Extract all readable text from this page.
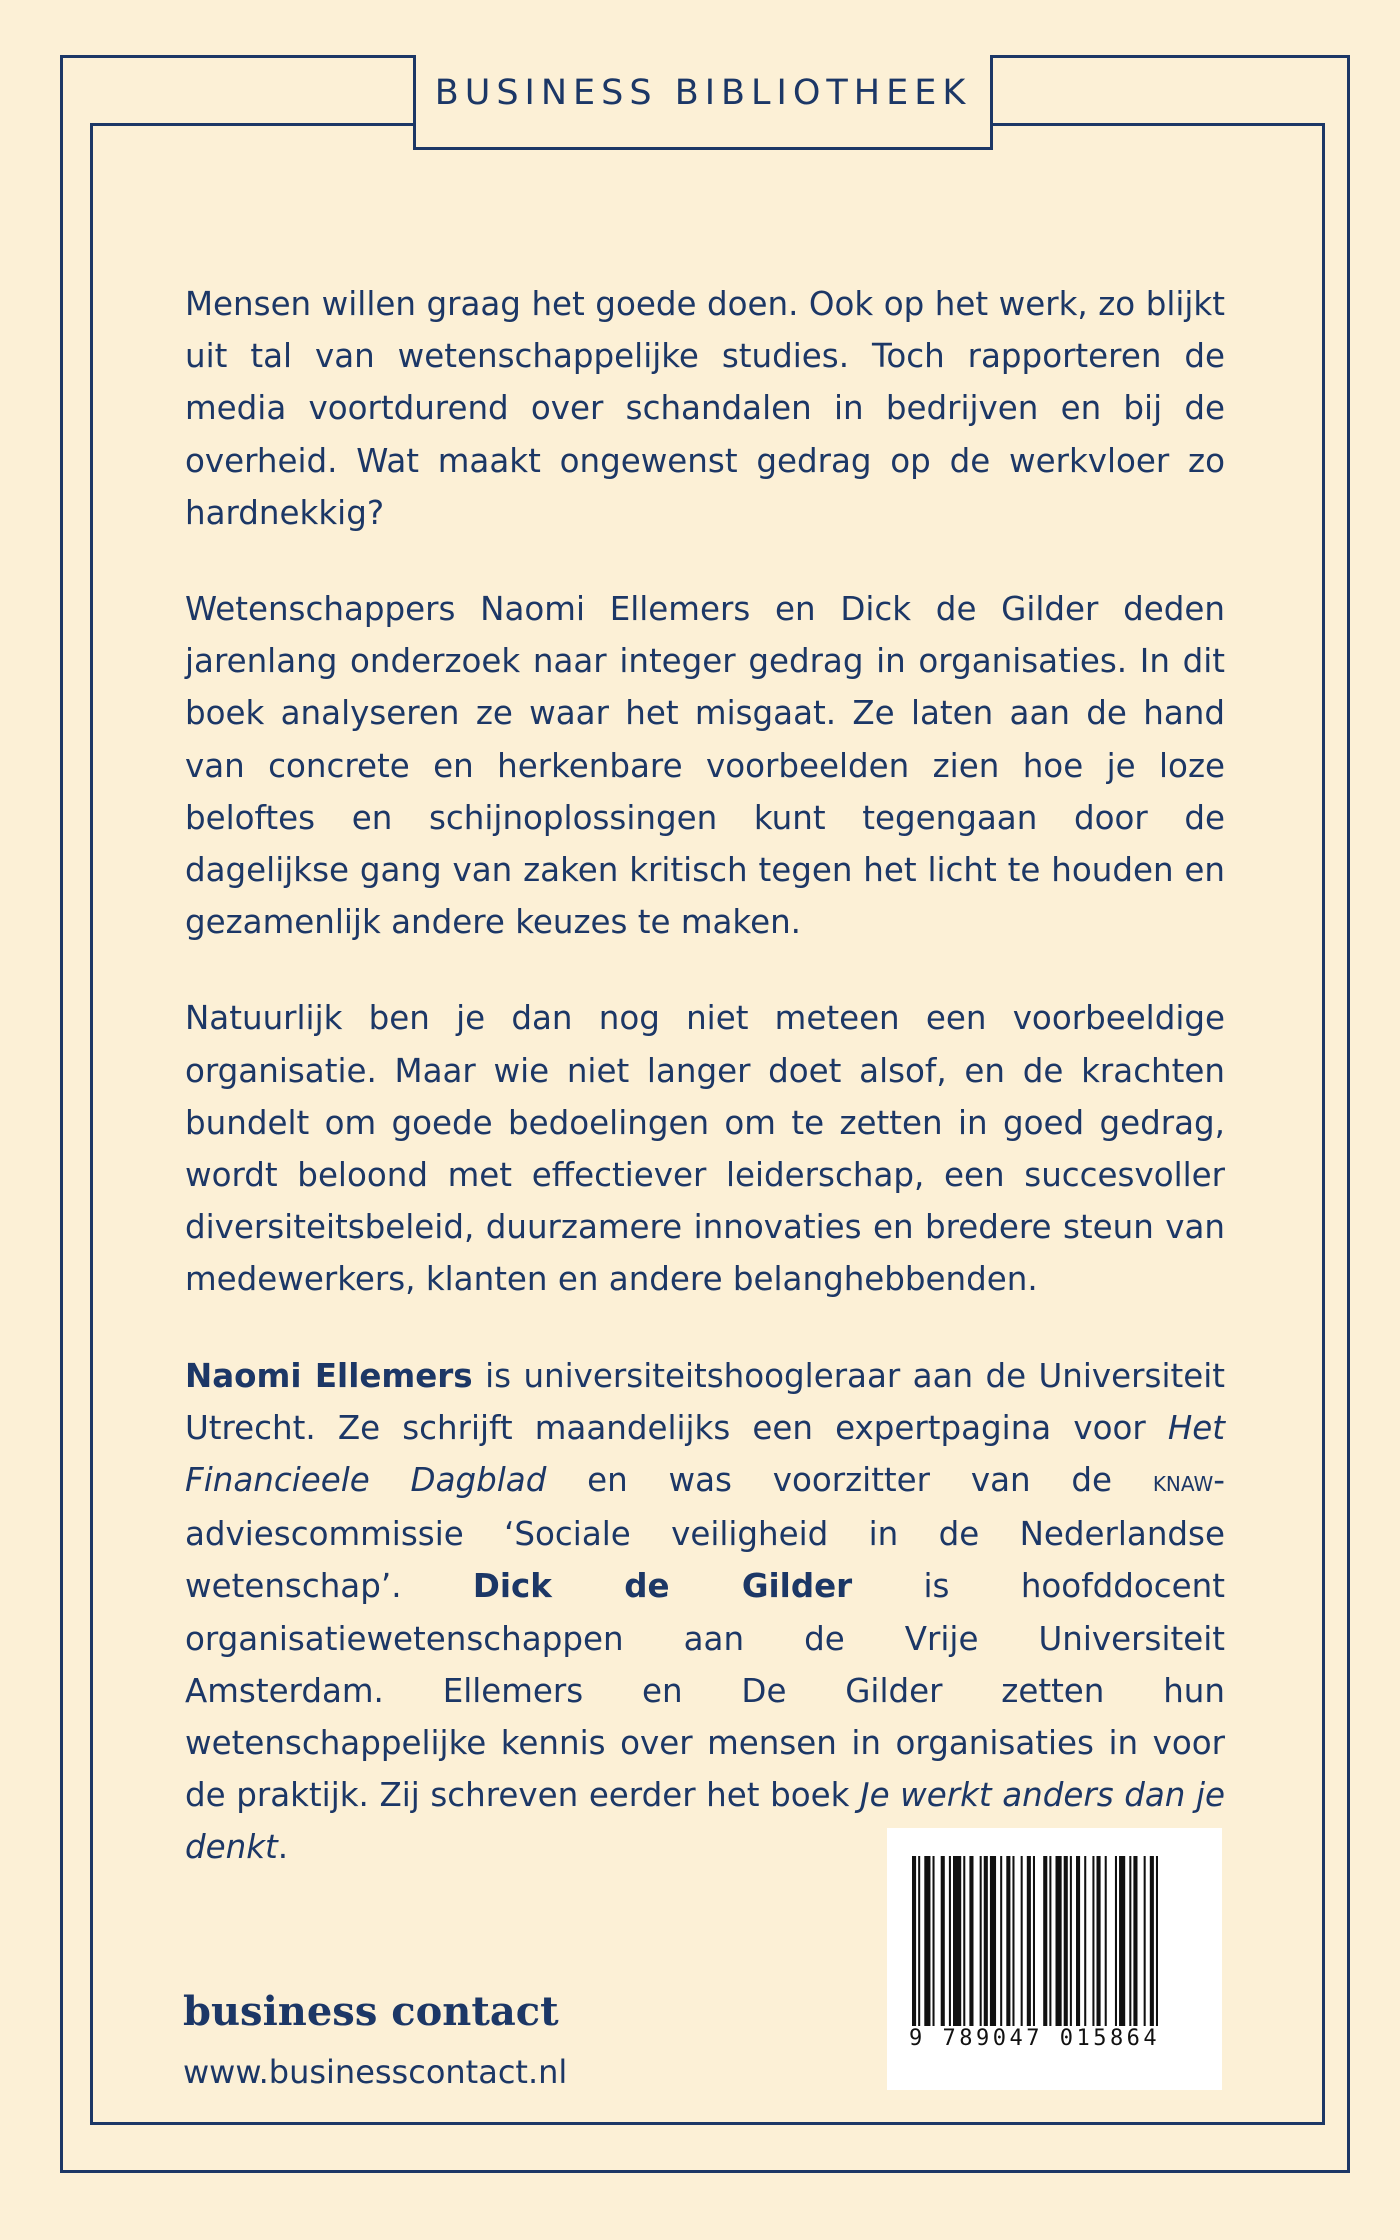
BUSINESS BIBLIOTHEEK

Mensen willen graag het goede doen. Ook op het werk, zo blijkt uit tal van wetenschappelijke studies. Toch rapporteren de media voortdurend over schandalen in bedrijven en bij de overheid. Wat maakt ongewenst gedrag op de werkvloer zo hardnekkig?

Wetenschappers Naomi Ellemers en Dick de Gilder deden jarenlang onderzoek naar integer gedrag in organisaties. In dit boek analyseren ze waar het misgaat. Ze laten aan de hand van concrete en herkenbare voorbeelden zien hoe je loze beloftes en schijnoplossingen kunt tegengaan door de dagelijkse gang van zaken kritisch tegen het licht te houden en gezamenlijk andere keuzes te maken.

Natuurlijk ben je dan nog niet meteen een voorbeeldige organisatie. Maar wie niet langer doet alsof, en de krachten bundelt om goede bedoelingen om te zetten in goed gedrag, wordt beloond met effectiever leiderschap, een succesvoller diversiteitsbeleid, duurzamere innovaties en bredere steun van medewerkers, klanten en andere belanghebbenden.

Naomi Ellemers is universiteitshoogleraar aan de Universiteit Utrecht. Ze schrijft maandelijks een expertpagina voor Het Financieele Dagblad en was voorzitter van de knaw-adviescommissie ‘Sociale veiligheid in de Nederlandse wetenschap’. Dick de Gilder is hoofddocent organisatiewetenschappen aan de Vrije Universiteit Amsterdam. Ellemers en De Gilder zetten hun wetenschappelijke kennis over mensen in organisaties in voor de praktijk. Zij schreven eerder het boek Je werkt anders dan je denkt.

business contact
www.businesscontact.nl
9 789047 015864
